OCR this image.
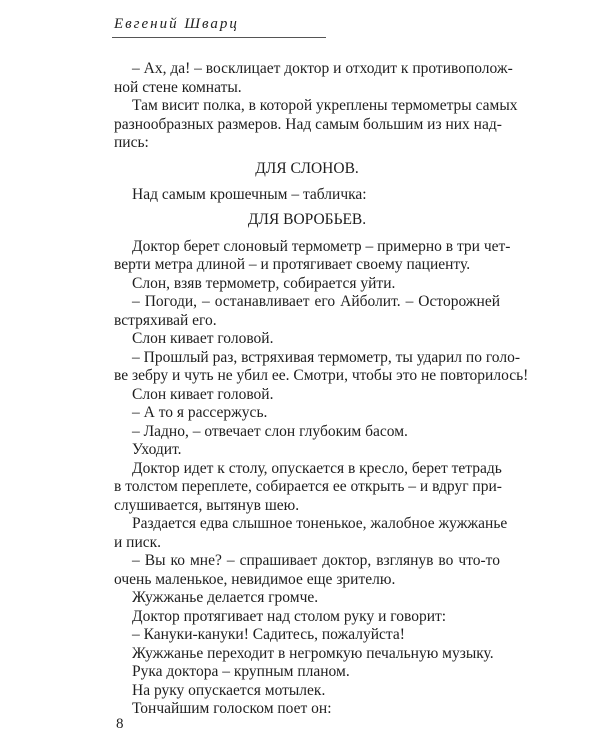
Евгений Шварц
– Ах, да! – восклицает доктор и отходит к противополож-
ной стене комнаты.
Там висит полка, в которой укреплены термометры самых
разнообразных размеров. Над самым большим из них над-
пись:
ДЛЯ СЛОНОВ.
Над самым крошечным – табличка:
ДЛЯ ВОРОБЬЕВ.
Доктор берет слоновый термометр – примерно в три чет-
верти метра длиной – и протягивает своему пациенту.
Слон, взяв термометр, собирается уйти.
– Погоди, – останавливает его Айболит. – Осторожней
встряхивай его.
Слон кивает головой.
– Прошлый раз, встряхивая термометр, ты ударил по голо-
ве зебру и чуть не убил ее. Смотри, чтобы это не повторилось!
Слон кивает головой.
– А то я рассержусь.
– Ладно, – отвечает слон глубоким басом.
Уходит.
Доктор идет к столу, опускается в кресло, берет тетрадь
в толстом переплете, собирается ее открыть – и вдруг при-
слушивается, вытянув шею.
Раздается едва слышное тоненькое, жалобное жужжанье
и писк.
– Вы ко мне? – спрашивает доктор, взглянув во что-то
очень маленькое, невидимое еще зрителю.
Жужжанье делается громче.
Доктор протягивает над столом руку и говорит:
– Кануки-кануки! Садитесь, пожалуйста!
Жужжанье переходит в негромкую печальную музыку.
Рука доктора – крупным планом.
На руку опускается мотылек.
Тончайшим голоском поет он:
8
